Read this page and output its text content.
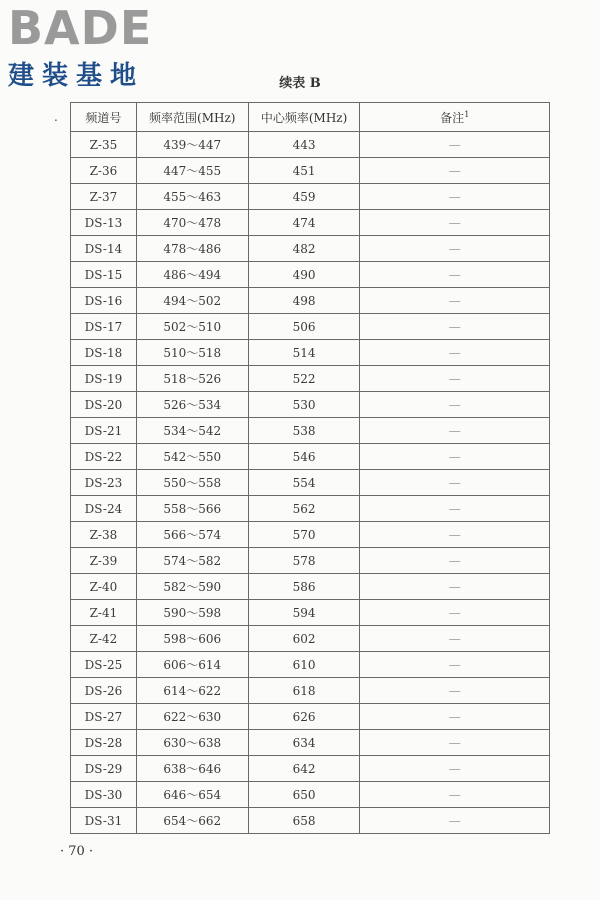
BADE
建装基地	续表 B
. 频道号	频率范围(MHz)	中心频率(MHz)	备注$^1$
Z-35	439～447	443	—
Z-36	447～455	451	—
Z-37	455～463	459	—
DS-13	470～478	474	—
DS-14	478～486	482	—
DS-15	486～494	490	—
DS-16	494～502	498	—
DS-17	502～510	506	—
DS-18	510～518	514	—
DS-19	518～526	522	—
DS-20	526～534	530	—
DS-21	534～542	538	—
DS-22	542～550	546	—
DS-23	550～558	554	—
DS-24	558～566	562	—
Z-38	566～574	570	—
Z-39	574～582	578	—
Z-40	582～590	586	—
Z-41	590～598	594	—
Z-42	598～606	602	—
DS-25	606～614	610	—
DS-26	614～622	618	—
DS-27	622～630	626	—
DS-28	630～638	634	—
DS-29	638～646	642	—
DS-30	646～654	650	—
DS-31	654～662	658	—
· 70 ·
